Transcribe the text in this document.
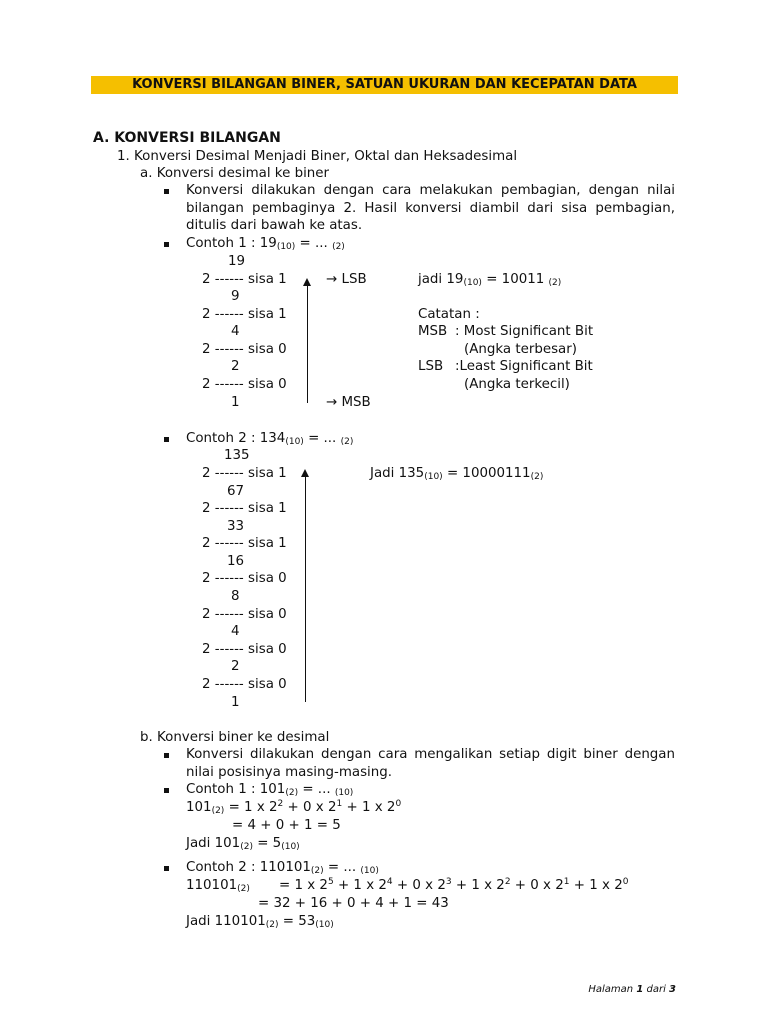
KONVERSI BILANGAN BINER, SATUAN UKURAN DAN KECEPATAN DATA
A. KONVERSI BILANGAN
1. Konversi Desimal Menjadi Biner, Oktal dan Heksadesimal
a. Konversi desimal ke biner
Konversi dilakukan dengan cara melakukan pembagian, dengan nilai bilangan pembaginya 2. Hasil konversi diambil dari sisa pembagian, ditulis dari bawah ke atas.
Contoh 1 : $19_{(10)}$ = ... $_{(2)}$
19
2 ------ sisa 1
9
2 ------ sisa 1
4
2 ------ sisa 0
2
2 ------ sisa 0
1
→ LSB
→ MSB
jadi $19_{(10)} = 10011$ $_{(2)}$
Catatan :
MSB : Most Significant Bit
(Angka terbesar)
LSB :Least Significant Bit
(Angka terkecil)
Contoh 2 : $134_{(10)}$ = ... $_{(2)}$
135
2 ------ sisa 1
67
2 ------ sisa 1
33
2 ------ sisa 1
16
2 ------ sisa 0
8
2 ------ sisa 0
4
2 ------ sisa 0
2
2 ------ sisa 0
1
Jadi $135_{(10)} = 10000111_{(2)}$
b. Konversi biner ke desimal
Konversi dilakukan dengan cara mengalikan setiap digit biner dengan nilai posisinya masing-masing.
Contoh 1 : $101_{(2)}$ = ... $_{(10)}$
$101_{(2)} = 1$ x $2^2 + 0$ x $2^1 + 1$ x $2^0$
= 4 + 0 + 1 = 5
Jadi $101_{(2)} = 5_{(10)}$
Contoh 2 : $110101_{(2)}$ = ... $_{(10)}$
$110101_{(2)} = 1$ x $2^5 + 1$ x $2^4 + 0$ x $2^3 + 1$ x $2^2 + 0$ x $2^1 + 1$ x $2^0$
= 32 + 16 + 0 + 4 + 1 = 43
Jadi $110101_{(2)} = 53_{(10)}$
Halaman 1 dari 3
